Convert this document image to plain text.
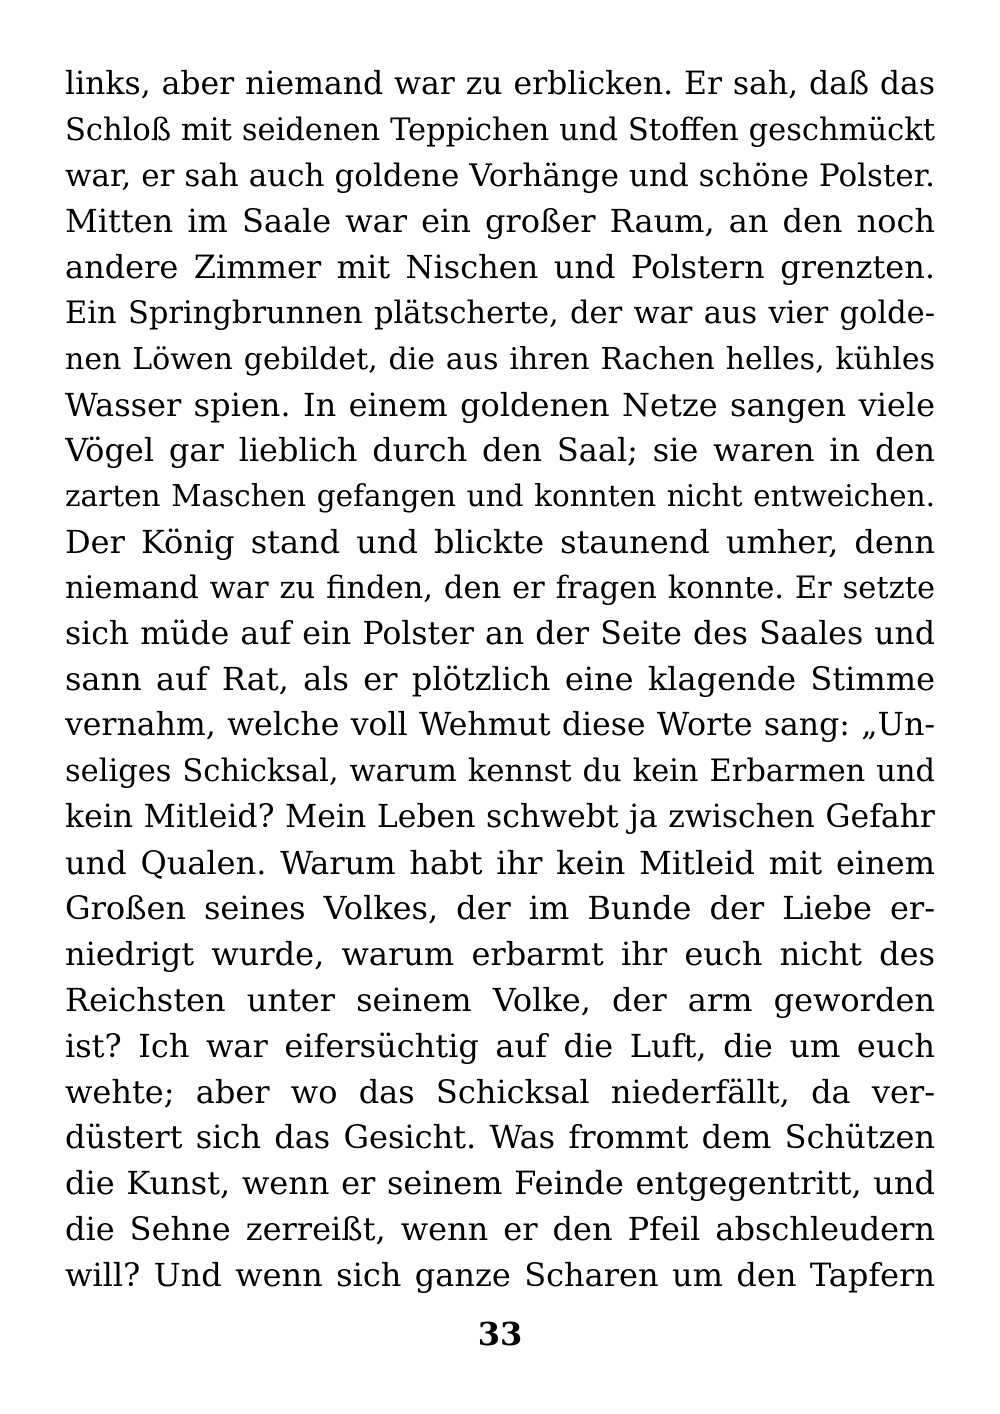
links, aber niemand war zu erblicken. Er sah, daß das
Schloß mit seidenen Teppichen und Stoffen geschmückt
war, er sah auch goldene Vorhänge und schöne Polster.
Mitten im Saale war ein großer Raum, an den noch
andere Zimmer mit Nischen und Polstern grenzten.
Ein Springbrunnen plätscherte, der war aus vier golde-
nen Löwen gebildet, die aus ihren Rachen helles, kühles
Wasser spien. In einem goldenen Netze sangen viele
Vögel gar lieblich durch den Saal; sie waren in den
zarten Maschen gefangen und konnten nicht entweichen.
Der König stand und blickte staunend umher, denn
niemand war zu finden, den er fragen konnte. Er setzte
sich müde auf ein Polster an der Seite des Saales und
sann auf Rat, als er plötzlich eine klagende Stimme
vernahm, welche voll Wehmut diese Worte sang: „Un-
seliges Schicksal, warum kennst du kein Erbarmen und
kein Mitleid? Mein Leben schwebt ja zwischen Gefahr
und Qualen. Warum habt ihr kein Mitleid mit einem
Großen seines Volkes, der im Bunde der Liebe er-
niedrigt wurde, warum erbarmt ihr euch nicht des
Reichsten unter seinem Volke, der arm geworden
ist? Ich war eifersüchtig auf die Luft, die um euch
wehte; aber wo das Schicksal niederfällt, da ver-
düstert sich das Gesicht. Was frommt dem Schützen
die Kunst, wenn er seinem Feinde entgegentritt, und
die Sehne zerreißt, wenn er den Pfeil abschleudern
will? Und wenn sich ganze Scharen um den Tapfern
33
